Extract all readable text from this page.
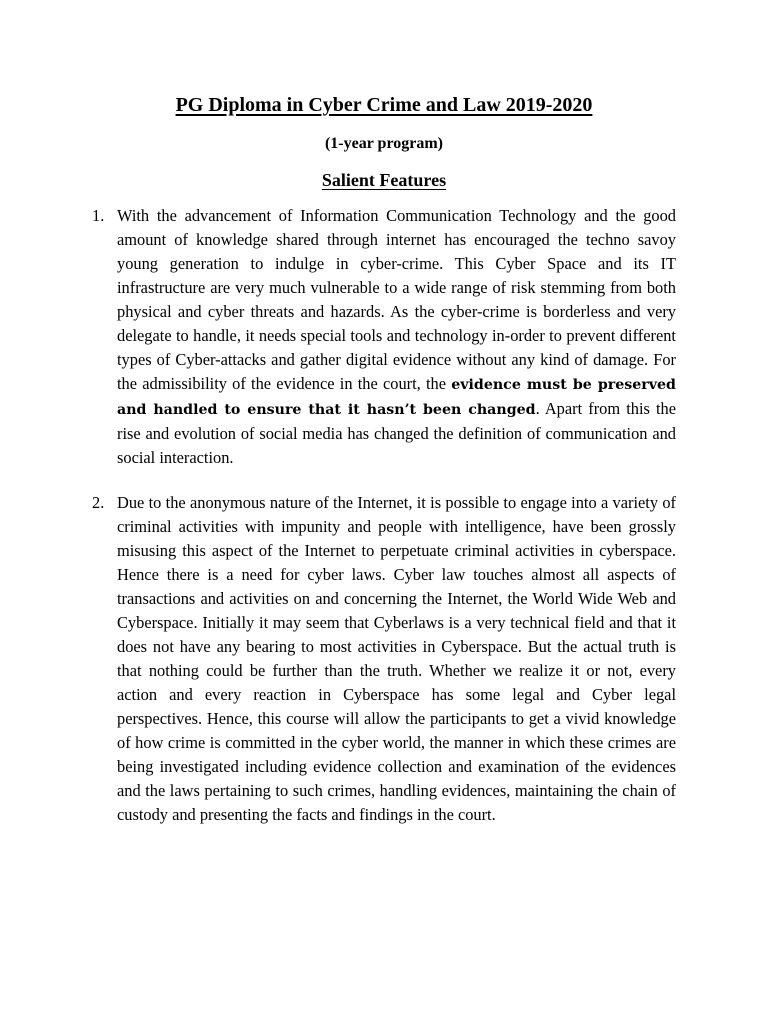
PG Diploma in Cyber Crime and Law 2019-2020
(1-year program)
Salient Features
1. With the advancement of Information Communication Technology and the good amount of knowledge shared through internet has encouraged the techno savoy young generation to indulge in cyber-crime. This Cyber Space and its IT infrastructure are very much vulnerable to a wide range of risk stemming from both physical and cyber threats and hazards. As the cyber-crime is borderless and very delegate to handle, it needs special tools and technology in-order to prevent different types of Cyber-attacks and gather digital evidence without any kind of damage. For the admissibility of the evidence in the court, the evidence must be preserved and handled to ensure that it hasn’t been changed. Apart from this the rise and evolution of social media has changed the definition of communication and social interaction.
2. Due to the anonymous nature of the Internet, it is possible to engage into a variety of criminal activities with impunity and people with intelligence, have been grossly misusing this aspect of the Internet to perpetuate criminal activities in cyberspace. Hence there is a need for cyber laws. Cyber law touches almost all aspects of transactions and activities on and concerning the Internet, the World Wide Web and Cyberspace. Initially it may seem that Cyberlaws is a very technical field and that it does not have any bearing to most activities in Cyberspace. But the actual truth is that nothing could be further than the truth. Whether we realize it or not, every action and every reaction in Cyberspace has some legal and Cyber legal perspectives. Hence, this course will allow the participants to get a vivid knowledge of how crime is committed in the cyber world, the manner in which these crimes are being investigated including evidence collection and examination of the evidences and the laws pertaining to such crimes, handling evidences, maintaining the chain of custody and presenting the facts and findings in the court.
